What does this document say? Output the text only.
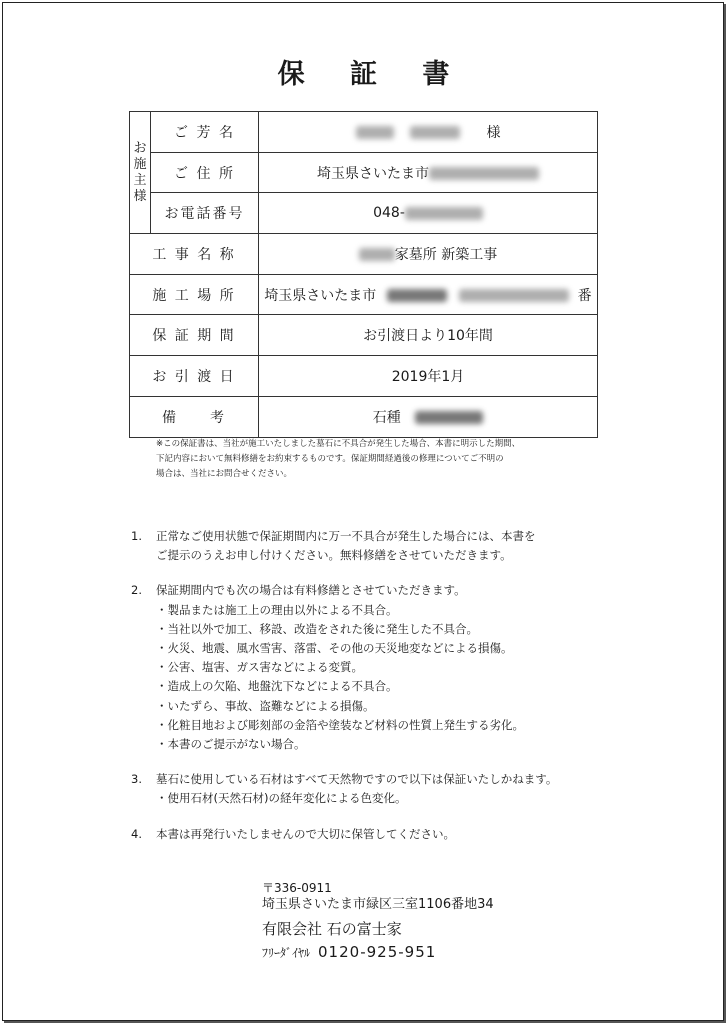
保 証 書
お
施
主
様	ご 芳 名	様
	ご 住 所	埼玉県さいたま市
	お電話番号	048-
工 事 名 称		家墓所 新築工事
施 工 場 所		埼玉県さいたま市 番
保 証 期 間		お引渡日より10年間
お 引 渡 日		2019年1月
備　　考		石種
※この保証書は、当社が施工いたしました墓石に不具合が発生した場合、本書に明示した期間、
下記内容において無料修繕をお約束するものです。保証期間経過後の修理についてご不明の
場合は、当社にお問合せください。
1.	正常なご使用状態で保証期間内に万一不具合が発生した場合には、本書を
ご提示のうえお申し付けください。無料修繕をさせていただきます。
2.	保証期間内でも次の場合は有料修繕とさせていただきます。
・製品または施工上の理由以外による不具合。
・当社以外で加工、移設、改造をされた後に発生した不具合。
・火災、地震、風水雪害、落雷、その他の天災地変などによる損傷。
・公害、塩害、ガス害などによる変質。
・造成上の欠陥、地盤沈下などによる不具合。
・いたずら、事故、盗難などによる損傷。
・化粧目地および彫刻部の金箔や塗装など材料の性質上発生する劣化。
・本書のご提示がない場合。
3.	墓石に使用している石材はすべて天然物ですので以下は保証いたしかねます。
・使用石材(天然石材)の経年変化による色変化。
4.	本書は再発行いたしませんので大切に保管してください。
〒336-0911
埼玉県さいたま市緑区三室1106番地34
有限会社 石の富士家
ﾌﾘｰﾀﾞｲﾔﾙ 0120-925-951
